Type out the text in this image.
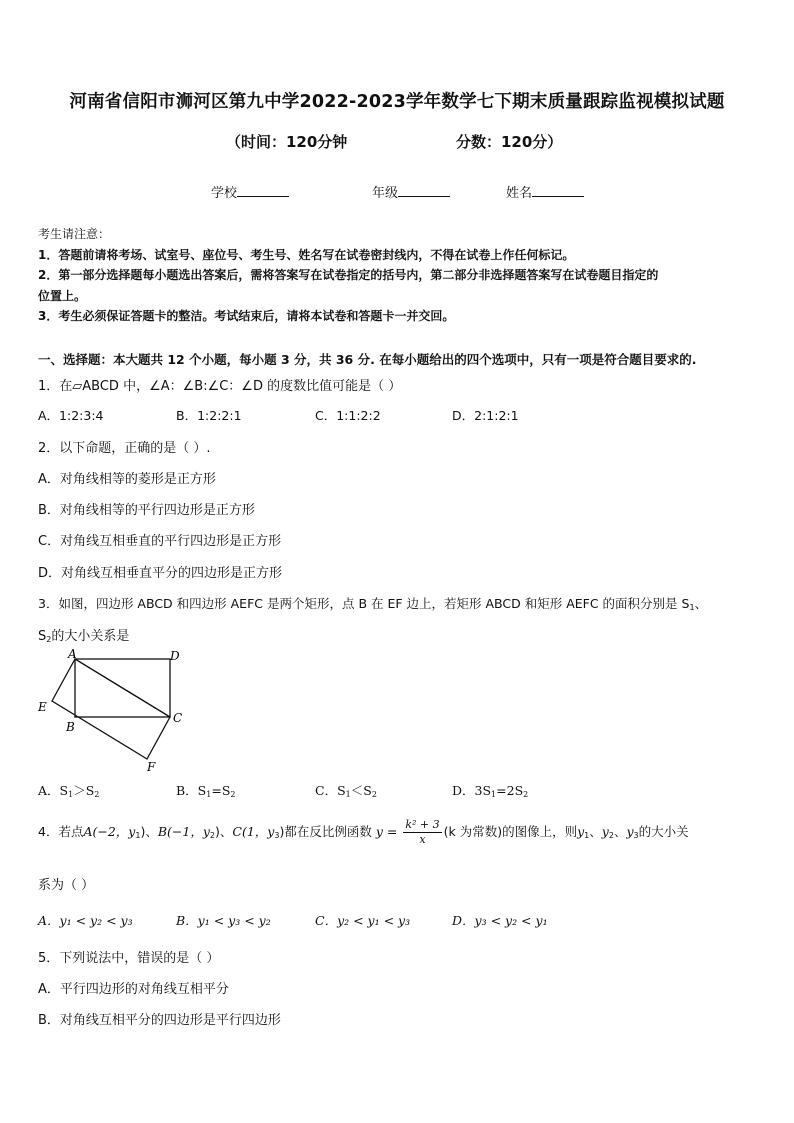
河南省信阳市浉河区第九中学2022-2023学年数学七下期末质量跟踪监视模拟试题
（时间：120分钟	分数：120分）
学校	年级	姓名
考生请注意：
1．答题前请将考场、试室号、座位号、考生号、姓名写在试卷密封线内，不得在试卷上作任何标记。
2．第一部分选择题每小题选出答案后，需将答案写在试卷指定的括号内，第二部分非选择题答案写在试卷题目指定的
位置上。
3．考生必须保证答题卡的整洁。考试结束后，请将本试卷和答题卡一并交回。
一、选择题：本大题共 12 个小题，每小题 3 分，共 36 分. 在每小题给出的四个选项中，只有一项是符合题目要求的.
1．在▱ABCD 中，∠A：∠B:∠C：∠D 的度数比值可能是（ ）
A．1:2:3:4	B．1:2:2:1	C．1:1:2:2	D．2:1:2:1
2．以下命题，正确的是（ ）.
A．对角线相等的菱形是正方形
B．对角线相等的平行四边形是正方形
C．对角线互相垂直的平行四边形是正方形
D．对角线互相垂直平分的四边形是正方形
3．如图，四边形 ABCD 和四边形 AEFC 是两个矩形，点 B 在 EF 边上，若矩形 ABCD 和矩形 AEFC 的面积分别是 $S_1$、
$S_2$的大小关系是
A	D
E
B
C
F
A．$S_1>S_2$	B．$S_1=S_2$	C．$S_1<S_2$	D．$3S_1=2S_2$
4．若点A(−2，$y_1$)、B(−1，$y_2$)、C(1，$y_3$)都在反比例函数 $y = \frac{\text{k² + 3}}{x} (k$ 为常数)的图像上，则$y_1$、$y_2$、$y_3$的大小关
系为（ ）
A．y₁ < y₂ < y₃	B．y₁ < y₃ < y₂	C．y₂ < y₁ < y₃	D．y₃ < y₂ < y₁
5．下列说法中，错误的是（ ）
A．平行四边形的对角线互相平分
B．对角线互相平分的四边形是平行四边形
